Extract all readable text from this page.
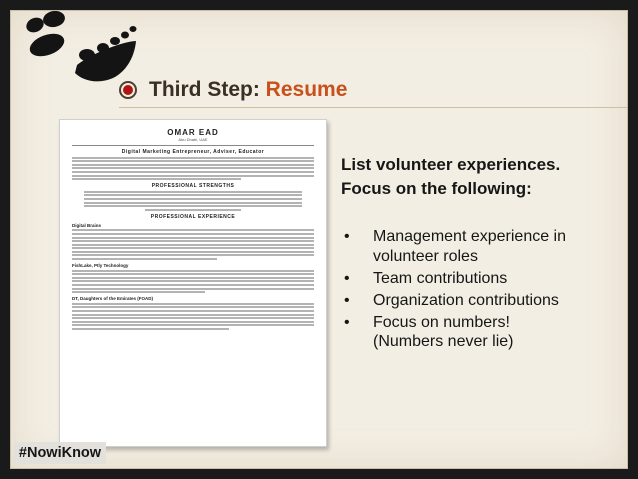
Third Step: Resume
OMAR EAD
Abu Dhabi, UAE
Digital Marketing Entrepreneur, Adviser, Educator
PROFESSIONAL STRENGTHS
PROFESSIONAL EXPERIENCE
Digital Brains
FishLake, Ptly Technology
DT, Daughters of the Emirates (FOAD)
List volunteer experiences.
Focus on the following:
• Management experience in
volunteer roles
• Team contributions
• Organization contributions
• Focus on numbers!
(Numbers never lie)
#NowiKnow
